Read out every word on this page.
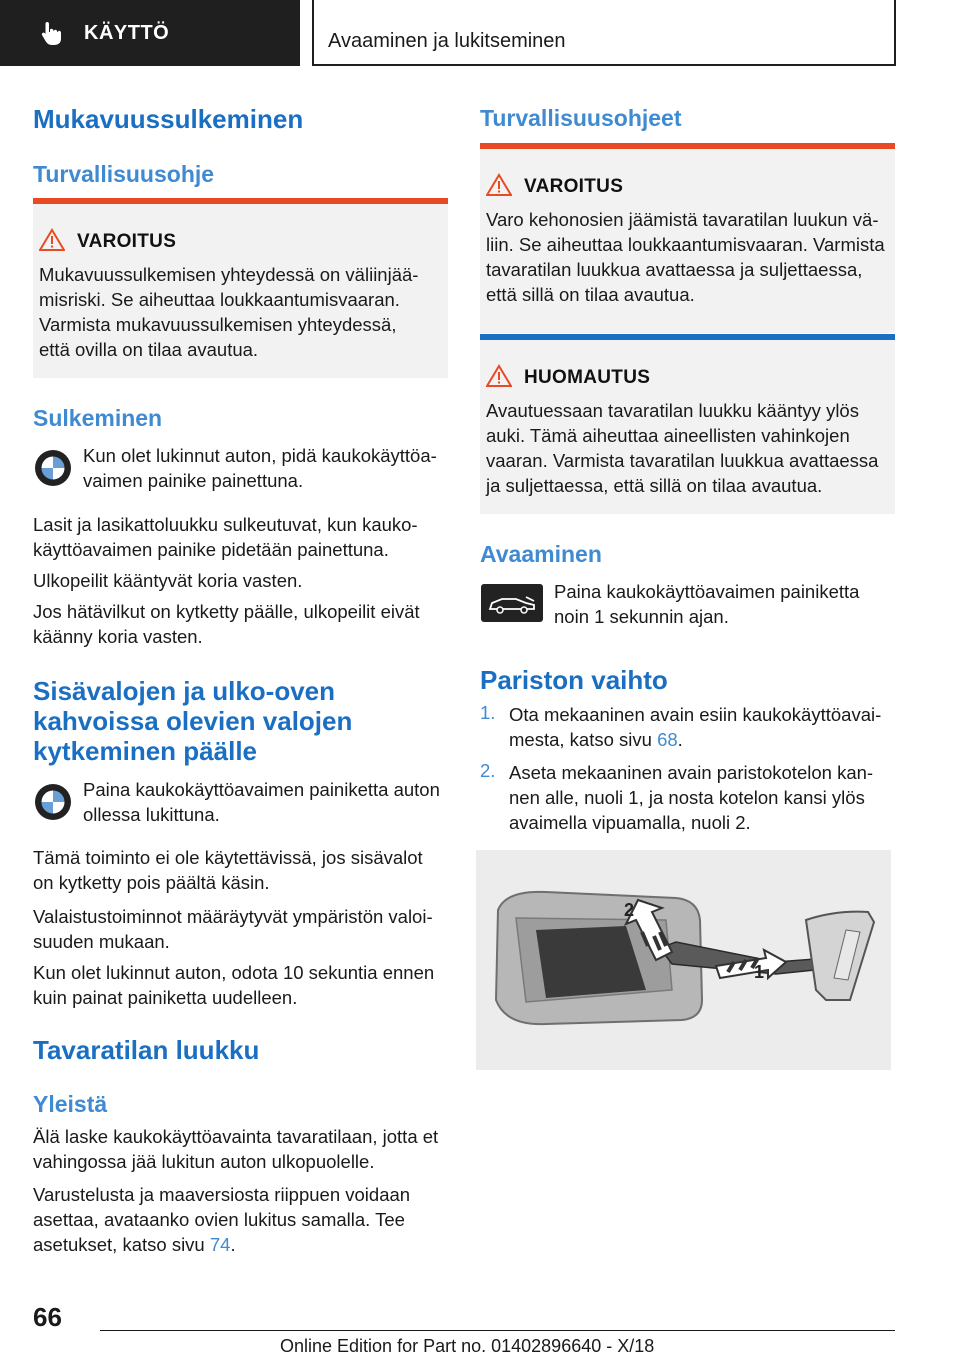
KÄYTTÖ	Avaaminen ja lukitseminen
Mukavuussulkeminen
Turvallisuusohje
VAROITUS
Mukavuussulkemisen yhteydessä on väliinjää-
misriski. Se aiheuttaa loukkaantumisvaaran.
Varmista mukavuussulkemisen yhteydessä,
että ovilla on tilaa avautua.
Sulkeminen
Kun olet lukinnut auton, pidä kaukokäyttöa-
vaimen painike painettuna.
Lasit ja lasikattoluukku sulkeutuvat, kun kauko-
käyttöavaimen painike pidetään painettuna.
Ulkopeilit kääntyvät koria vasten.
Jos hätävilkut on kytketty päälle, ulkopeilit eivät
käänny koria vasten.
Sisävalojen ja ulko‑oven
kahvoissa olevien valojen
kytkeminen päälle
Paina kaukokäyttöavaimen painiketta auton
ollessa lukittuna.
Tämä toiminto ei ole käytettävissä, jos sisävalot
on kytketty pois päältä käsin.
Valaistustoiminnot määräytyvät ympäristön valoi-
suuden mukaan.
Kun olet lukinnut auton, odota 10 sekuntia ennen
kuin painat painiketta uudelleen.
Tavaratilan luukku
Yleistä
Älä laske kaukokäyttöavainta tavaratilaan, jotta et
vahingossa jää lukitun auton ulkopuolelle.
Varustelusta ja maaversiosta riippuen voidaan
asettaa, avataanko ovien lukitus samalla. Tee
asetukset, katso sivu 74.
Turvallisuusohjeet
VAROITUS
Varo kehonosien jäämistä tavaratilan luukun vä-
liin. Se aiheuttaa loukkaantumisvaaran. Varmista
tavaratilan luukkua avattaessa ja suljettaessa,
että sillä on tilaa avautua.
HUOMAUTUS
Avautuessaan tavaratilan luukku kääntyy ylös
auki. Tämä aiheuttaa aineellisten vahinkojen
vaaran. Varmista tavaratilan luukkua avattaessa
ja suljettaessa, että sillä on tilaa avautua.
Avaaminen
Paina kaukokäyttöavaimen painiketta
noin 1 sekunnin ajan.
Pariston vaihto
1. Ota mekaaninen avain esiin kaukokäyttöavai-
mesta, katso sivu 68.
2. Aseta mekaaninen avain paristokotelon kan-
nen alle, nuoli 1, ja nosta kotelon kansi ylös
avaimella vipuamalla, nuoli 2.
2
1
66
Online Edition for Part no. 01402896640 - X/18
